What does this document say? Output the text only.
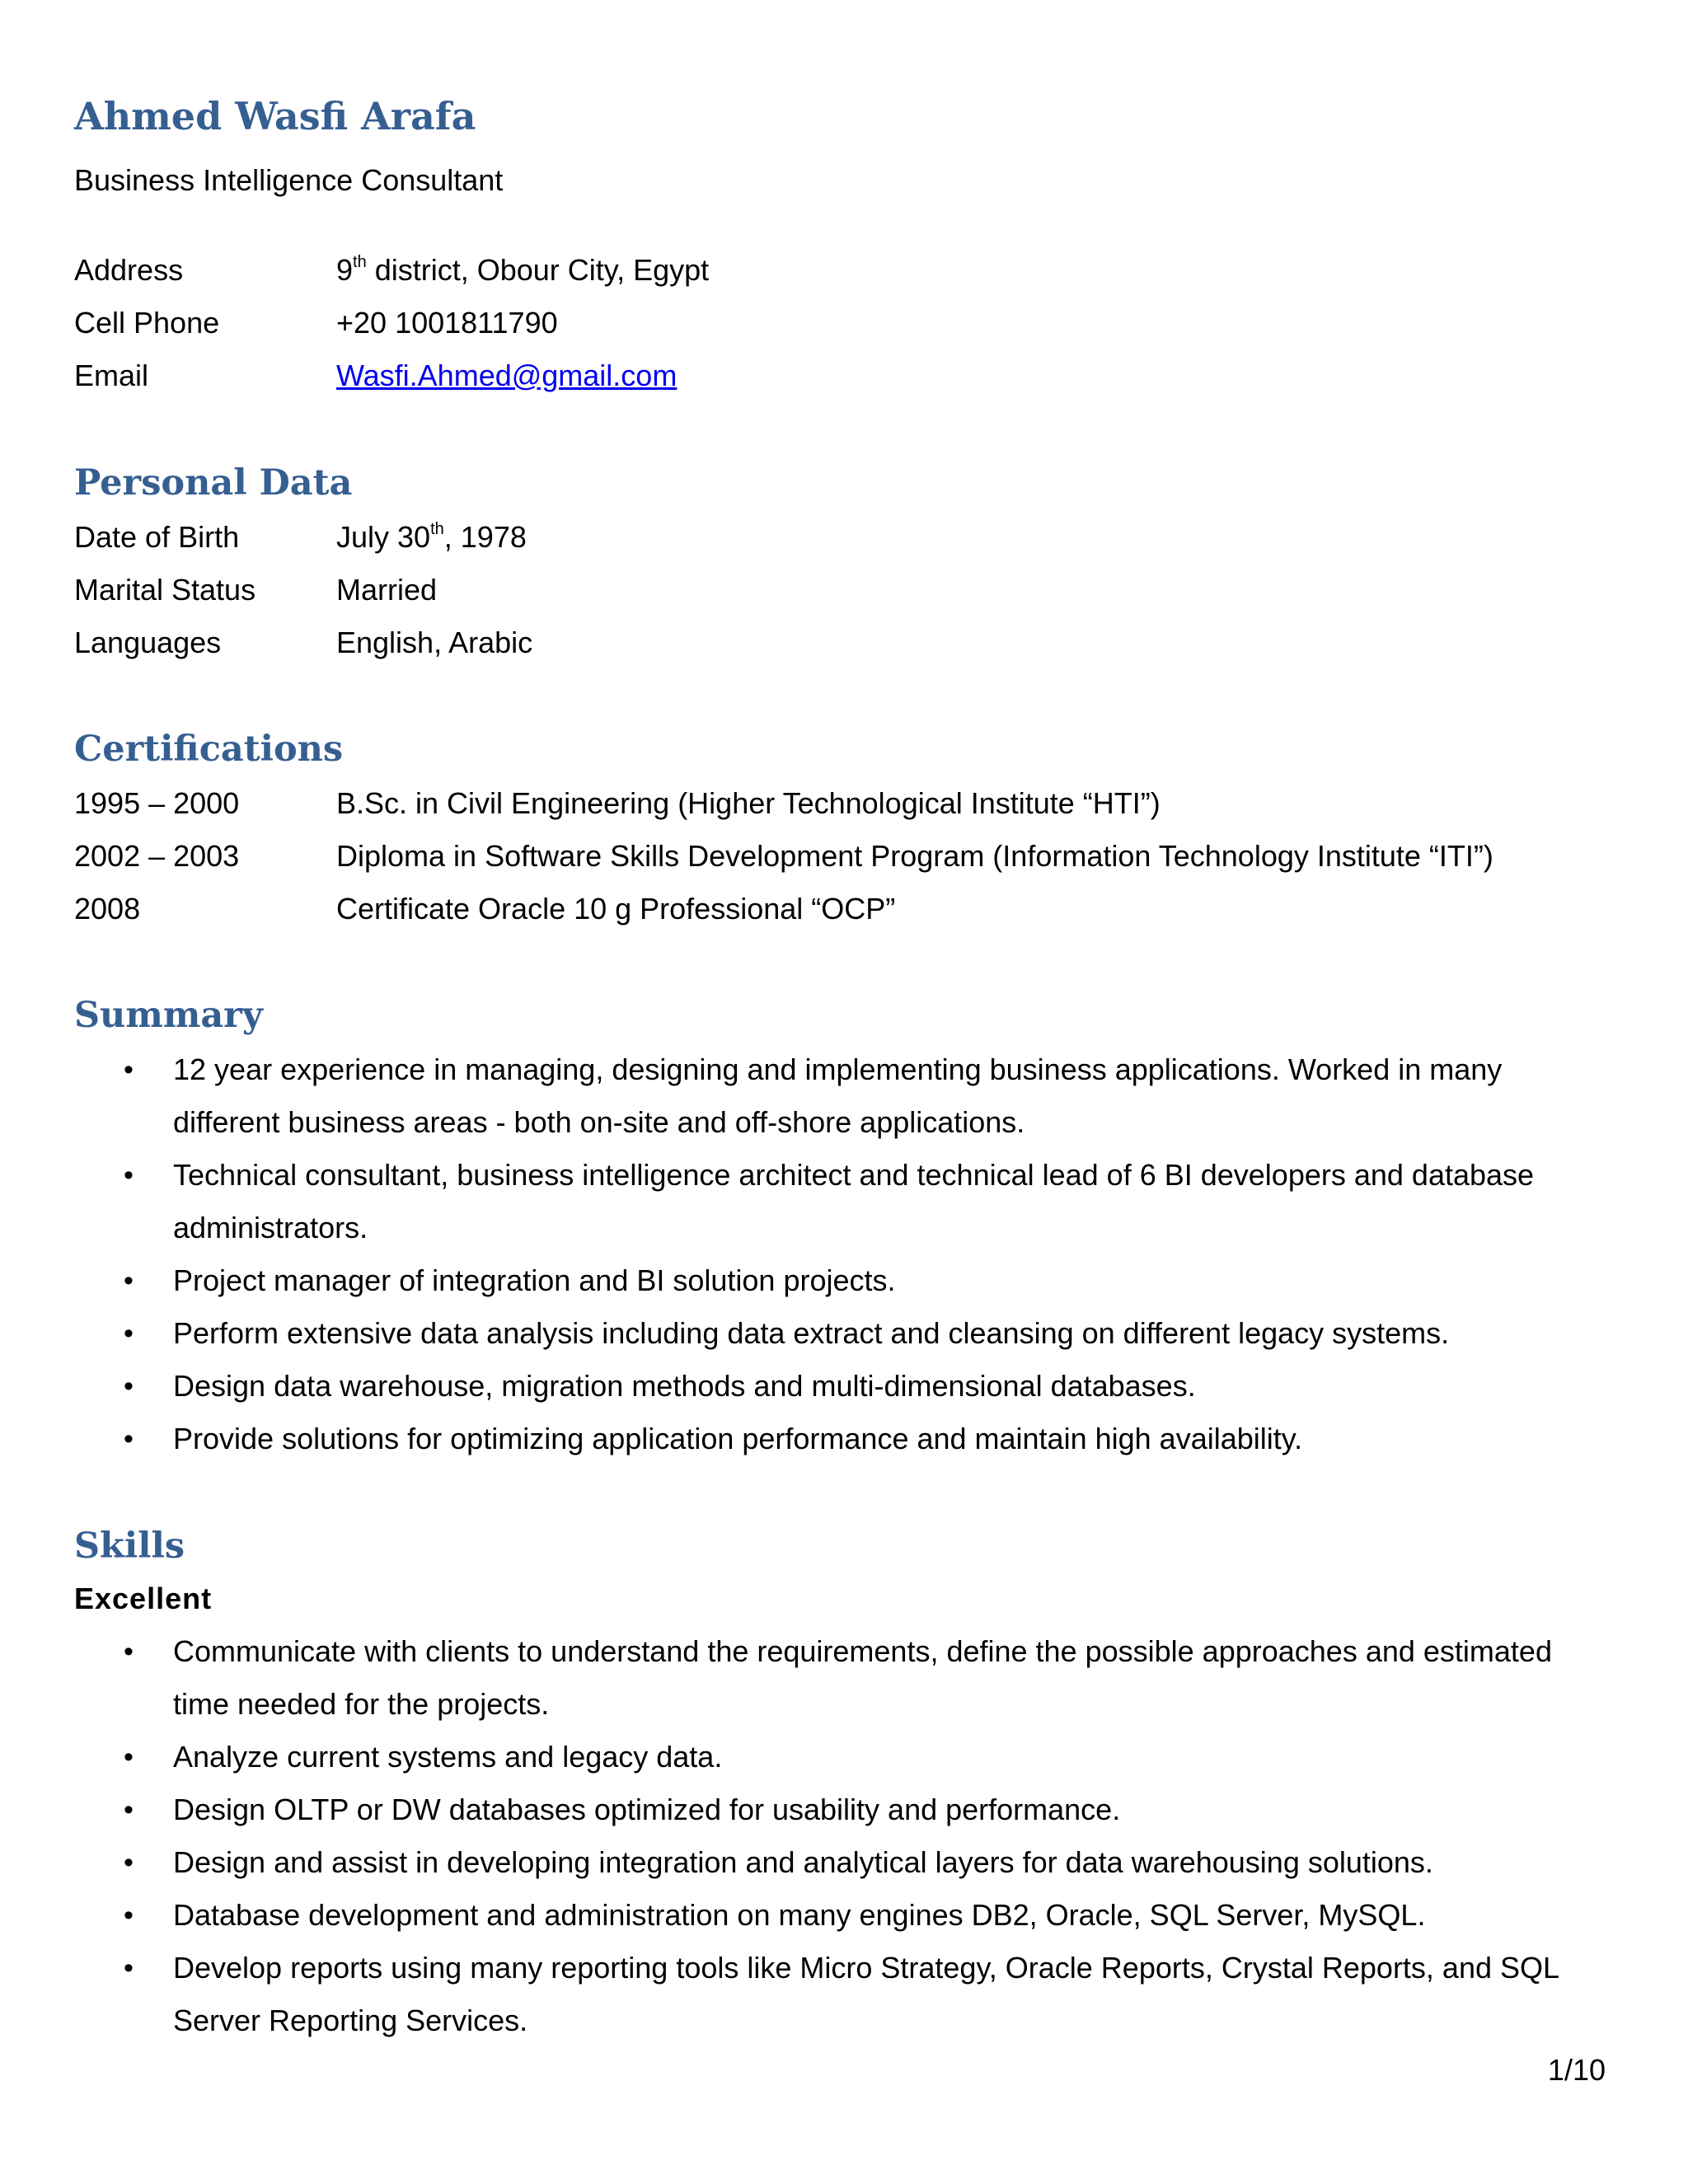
Ahmed Wasfi Arafa
Business Intelligence Consultant
Address	9th district, Obour City, Egypt
Cell Phone	+20 1001811790
Email	Wasfi.Ahmed@gmail.com
Personal Data
Date of Birth	July 30th, 1978
Marital Status	Married
Languages	English, Arabic
Certifications
1995 – 2000	B.Sc. in Civil Engineering (Higher Technological Institute “HTI”)
2002 – 2003	Diploma in Software Skills Development Program (Information Technology Institute “ITI”)
2008	Certificate Oracle 10 g Professional “OCP”
Summary
• 12 year experience in managing, designing and implementing business applications. Worked in many different business areas - both on-site and off-shore applications.
• Technical consultant, business intelligence architect and technical lead of 6 BI developers and database administrators.
• Project manager of integration and BI solution projects.
• Perform extensive data analysis including data extract and cleansing on different legacy systems.
• Design data warehouse, migration methods and multi-dimensional databases.
• Provide solutions for optimizing application performance and maintain high availability.
Skills
Excellent
• Communicate with clients to understand the requirements, define the possible approaches and estimated time needed for the projects.
• Analyze current systems and legacy data.
• Design OLTP or DW databases optimized for usability and performance.
• Design and assist in developing integration and analytical layers for data warehousing solutions.
• Database development and administration on many engines DB2, Oracle, SQL Server, MySQL.
• Develop reports using many reporting tools like Micro Strategy, Oracle Reports, Crystal Reports, and SQL Server Reporting Services.
1/10
